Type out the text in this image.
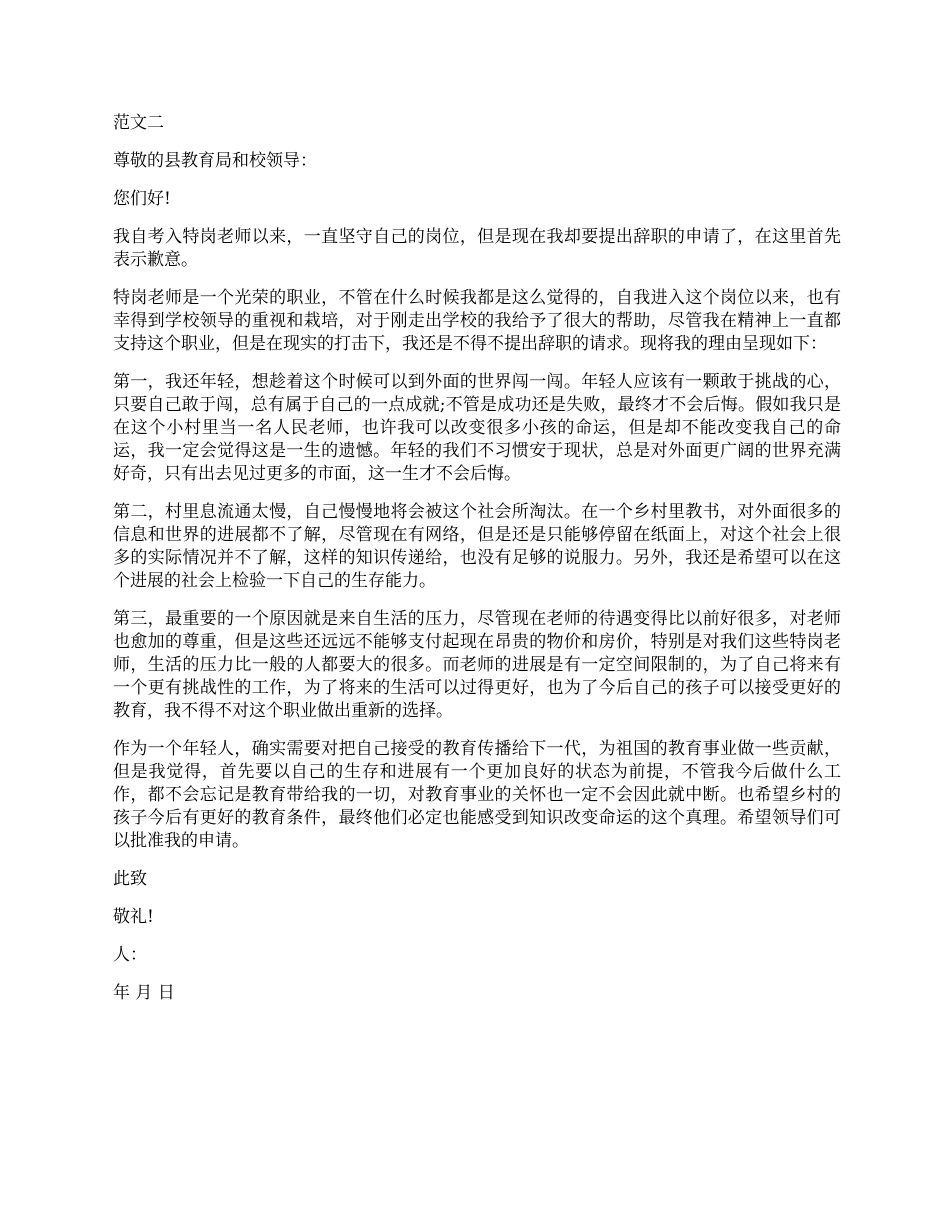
范文二

尊敬的县教育局和校领导：

您们好!

我自考入特岗老师以来，一直坚守自己的岗位，但是现在我却要提出辞职的申请了，在这里首先表示歉意。

特岗老师是一个光荣的职业，不管在什么时候我都是这么觉得的，自我进入这个岗位以来，也有幸得到学校领导的重视和栽培，对于刚走出学校的我给予了很大的帮助，尽管我在精神上一直都支持这个职业，但是在现实的打击下，我还是不得不提出辞职的请求。现将我的理由呈现如下：

第一，我还年轻，想趁着这个时候可以到外面的世界闯一闯。年轻人应该有一颗敢于挑战的心，只要自己敢于闯，总有属于自己的一点成就;不管是成功还是失败，最终才不会后悔。假如我只是在这个小村里当一名人民老师，也许我可以改变很多小孩的命运，但是却不能改变我自己的命运，我一定会觉得这是一生的遗憾。年轻的我们不习惯安于现状，总是对外面更广阔的世界充满好奇，只有出去见过更多的市面，这一生才不会后悔。

第二，村里息流通太慢，自己慢慢地将会被这个社会所淘汰。在一个乡村里教书，对外面很多的信息和世界的进展都不了解，尽管现在有网络，但是还是只能够停留在纸面上，对这个社会上很多的实际情况并不了解，这样的知识传递给，也没有足够的说服力。另外，我还是希望可以在这个进展的社会上检验一下自己的生存能力。

第三，最重要的一个原因就是来自生活的压力，尽管现在老师的待遇变得比以前好很多，对老师也愈加的尊重，但是这些还远远不能够支付起现在昂贵的物价和房价，特别是对我们这些特岗老师，生活的压力比一般的人都要大的很多。而老师的进展是有一定空间限制的，为了自己将来有一个更有挑战性的工作，为了将来的生活可以过得更好，也为了今后自己的孩子可以接受更好的教育，我不得不对这个职业做出重新的选择。

作为一个年轻人，确实需要对把自己接受的教育传播给下一代，为祖国的教育事业做一些贡献，但是我觉得，首先要以自己的生存和进展有一个更加良好的状态为前提，不管我今后做什么工作，都不会忘记是教育带给我的一切，对教育事业的关怀也一定不会因此就中断。也希望乡村的孩子今后有更好的教育条件，最终他们必定也能感受到知识改变命运的这个真理。希望领导们可以批准我的申请。

此致

敬礼!

人：

年 月 日
